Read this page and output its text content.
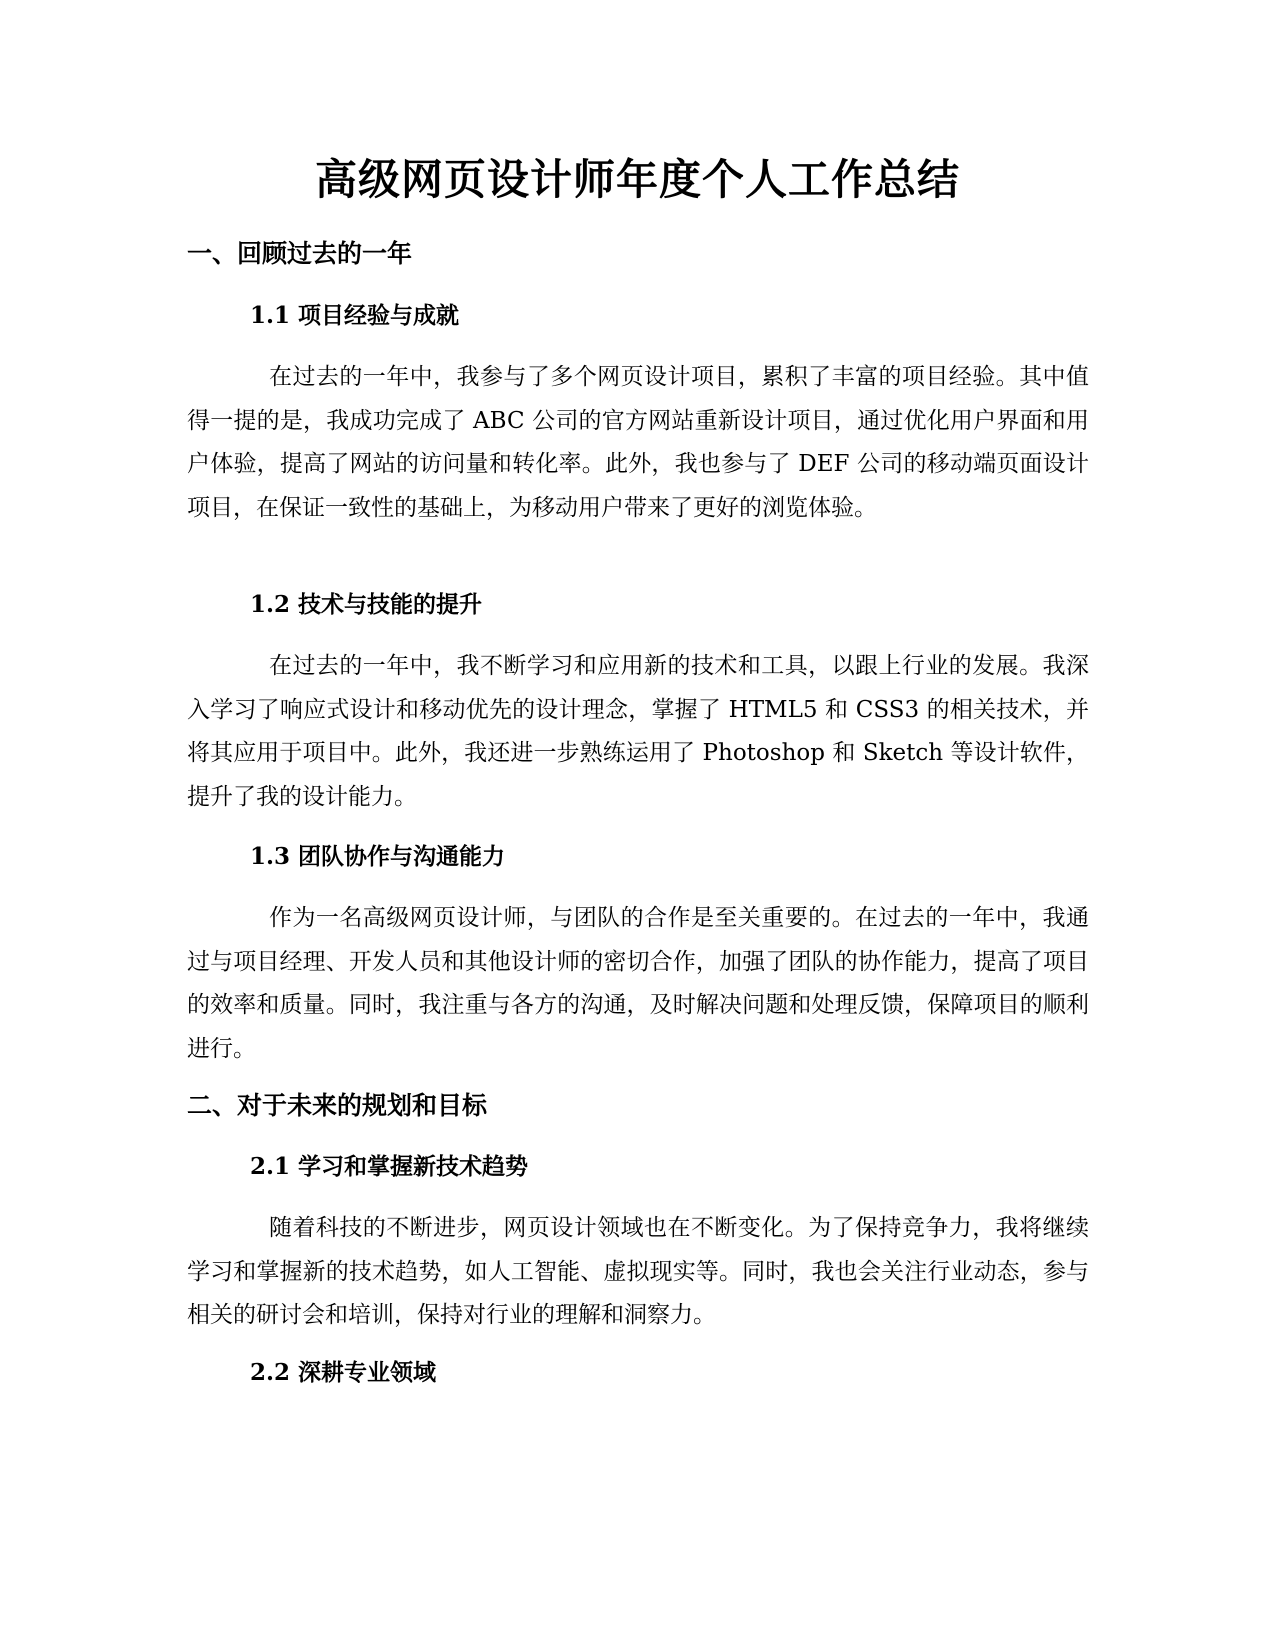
高级网页设计师年度个人工作总结
一、回顾过去的一年
1.1 项目经验与成就

在过去的一年中，我参与了多个网页设计项目，累积了丰富的项目经验。其中值得一提的是，我成功完成了 ABC 公司的官方网站重新设计项目，通过优化用户界面和用户体验，提高了网站的访问量和转化率。此外，我也参与了 DEF 公司的移动端页面设计项目，在保证一致性的基础上，为移动用户带来了更好的浏览体验。

1.2 技术与技能的提升

在过去的一年中，我不断学习和应用新的技术和工具，以跟上行业的发展。我深入学习了响应式设计和移动优先的设计理念，掌握了 HTML5 和 CSS3 的相关技术，并将其应用于项目中。此外，我还进一步熟练运用了 Photoshop 和 Sketch 等设计软件，提升了我的设计能力。

1.3 团队协作与沟通能力

作为一名高级网页设计师，与团队的合作是至关重要的。在过去的一年中，我通过与项目经理、开发人员和其他设计师的密切合作，加强了团队的协作能力，提高了项目的效率和质量。同时，我注重与各方的沟通，及时解决问题和处理反馈，保障项目的顺利进行。

二、对于未来的规划和目标
2.1 学习和掌握新技术趋势

随着科技的不断进步，网页设计领域也在不断变化。为了保持竞争力，我将继续学习和掌握新的技术趋势，如人工智能、虚拟现实等。同时，我也会关注行业动态，参与相关的研讨会和培训，保持对行业的理解和洞察力。

2.2 深耕专业领域
